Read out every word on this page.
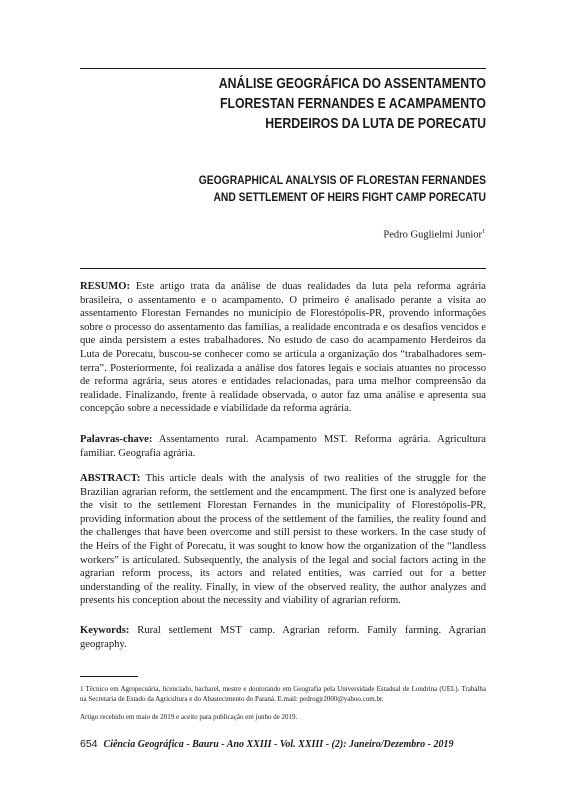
ANÁLISE GEOGRÁFICA DO ASSENTAMENTO
FLORESTAN FERNANDES E ACAMPAMENTO
HERDEIROS DA LUTA DE PORECATU
GEOGRAPHICAL ANALYSIS OF FLORESTAN FERNANDES
AND SETTLEMENT OF HEIRS FIGHT CAMP PORECATU
Pedro Guglielmi Junior$^1$
RESUMO: Este artigo trata da análise de duas realidades da luta pela reforma agrária brasileira, o assentamento e o acampamento. O primeiro é analisado perante a visita ao assentamento Florestan Fernandes no município de Florestópolis-PR, provendo informações sobre o processo do assentamento das famílias, a realidade encontrada e os desafios vencidos e que ainda persistem a estes trabalhadores. No estudo de caso do acampamento Herdeiros da Luta de Porecatu, buscou-se conhecer como se articula a organização dos “trabalhadores sem-terra”. Posteriormente, foi realizada a análise dos fatores legais e sociais atuantes no processo de reforma agrária, seus atores e entidades relacionadas, para uma melhor compreensão da realidade. Finalizando, frente à realidade observada, o autor faz uma análise e apresenta sua concepção sobre a necessidade e viabilidade da reforma agrária.
Palavras-chave: Assentamento rural. Acampamento MST. Reforma agrária. Agricultura familiar. Geografia agrária.
ABSTRACT: This article deals with the analysis of two realities of the struggle for the Brazilian agrarian reform, the settlement and the encampment. The first one is analyzed before the visit to the settlement Florestan Fernandes in the municipality of Florestópolis-PR, providing information about the process of the settlement of the families, the reality found and the challenges that have been overcome and still persist to these workers. In the case study of the Heirs of the Fight of Porecatu, it was sought to know how the organization of the “landless workers” is articulated. Subsequently, the analysis of the legal and social factors acting in the agrarian reform process, its actors and related entities, was carried out for a better understanding of the reality. Finally, in view of the observed reality, the author analyzes and presents his conception about the necessity and viability of agrarian reform.
Keywords: Rural settlement MST camp. Agrarian reform. Family farming. Agrarian geography.
1 Técnico em Agropecuária, licenciado, bacharel, mestre e doutorando em Geografia pela Universidade Estadual de Londrina (UEL). Trabalha na Secretaria de Estado da Agricultura e do Abastecimento do Paraná. E.mail: pedrogjr2000@yahoo.com.br.
Artigo recebido em maio de 2019 e aceito para publicação em junho de 2019.
654 Ciência Geográfica - Bauru - Ano XXIII - Vol. XXIII - (2): Janeiro/Dezembro - 2019
